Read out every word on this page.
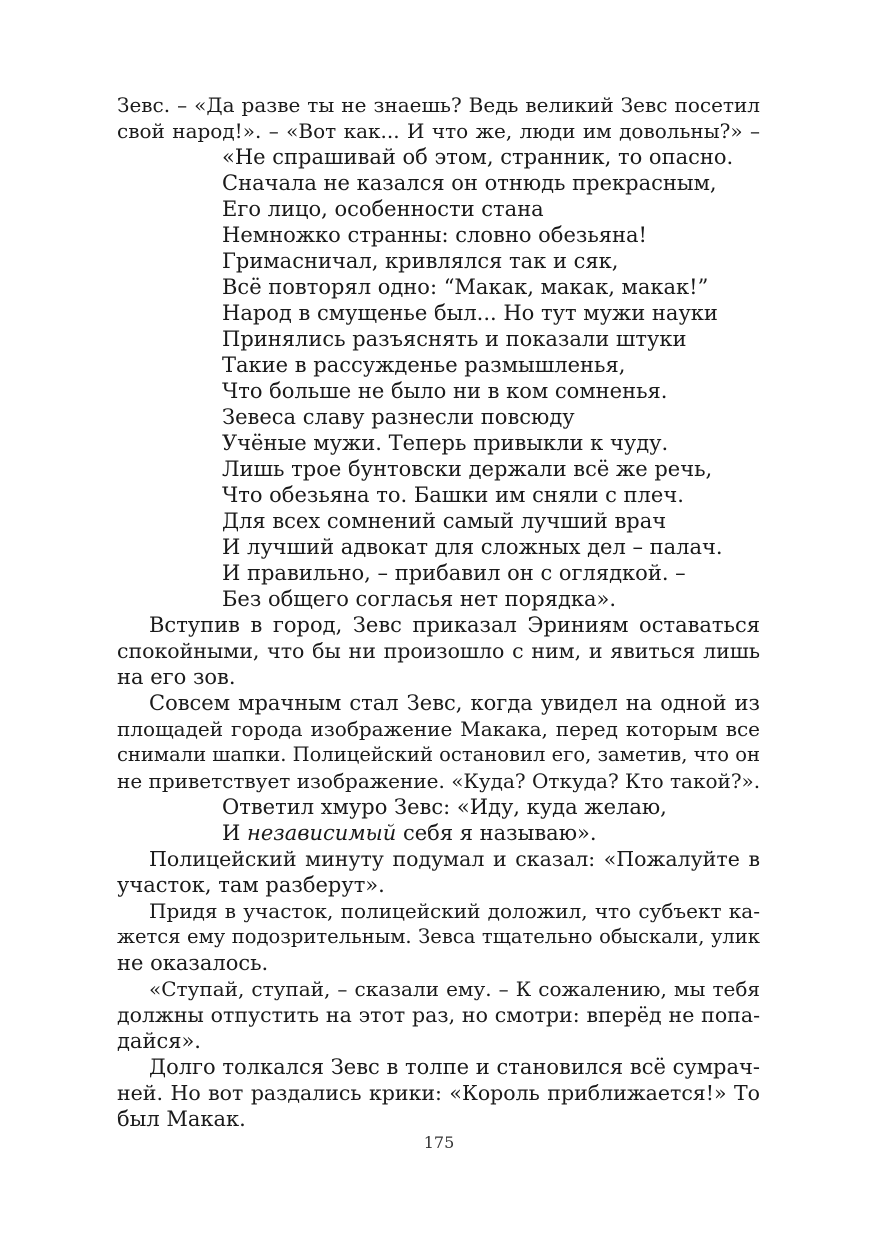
Зевс. – «Да разве ты не знаешь? Ведь великий Зевс посетил
свой народ!». – «Вот как... И что же, люди им довольны?» –
«Не спрашивай об этом, странник, то опасно.
Сначала не казался он отнюдь прекрасным,
Его лицо, особенности стана
Немножко странны: словно обезьяна!
Гримасничал, кривлялся так и сяк,
Всё повторял одно: “Макак, макак, макак!”
Народ в смущенье был... Но тут мужи науки
Принялись разъяснять и показали штуки
Такие в рассужденье размышленья,
Что больше не было ни в ком сомненья.
Зевеса славу разнесли повсюду
Учёные мужи. Теперь привыкли к чуду.
Лишь трое бунтовски держали всё же речь,
Что обезьяна то. Башки им сняли с плеч.
Для всех сомнений самый лучший врач
И лучший адвокат для сложных дел – палач.
И правильно, – прибавил он с оглядкой. –
Без общего согласья нет порядка».
Вступив в город, Зевс приказал Эриниям оставаться
спокойными, что бы ни произошло с ним, и явиться лишь
на его зов.
Совсем мрачным стал Зевс, когда увидел на одной из
площадей города изображение Макака, перед которым все
снимали шапки. Полицейский остановил его, заметив, что он
не приветствует изображение. «Куда? Откуда? Кто такой?».
Ответил хмуро Зевс: «Иду, куда желаю,
И независимый себя я называю».
Полицейский минуту подумал и сказал: «Пожалуйте в
участок, там разберут».
Придя в участок, полицейский доложил, что субъект ка-
жется ему подозрительным. Зевса тщательно обыскали, улик
не оказалось.
«Ступай, ступай, – сказали ему. – К сожалению, мы тебя
должны отпустить на этот раз, но смотри: вперёд не попа-
дайся».
Долго толкался Зевс в толпе и становился всё сумрач-
ней. Но вот раздались крики: «Король приближается!» То
был Макак.
175
